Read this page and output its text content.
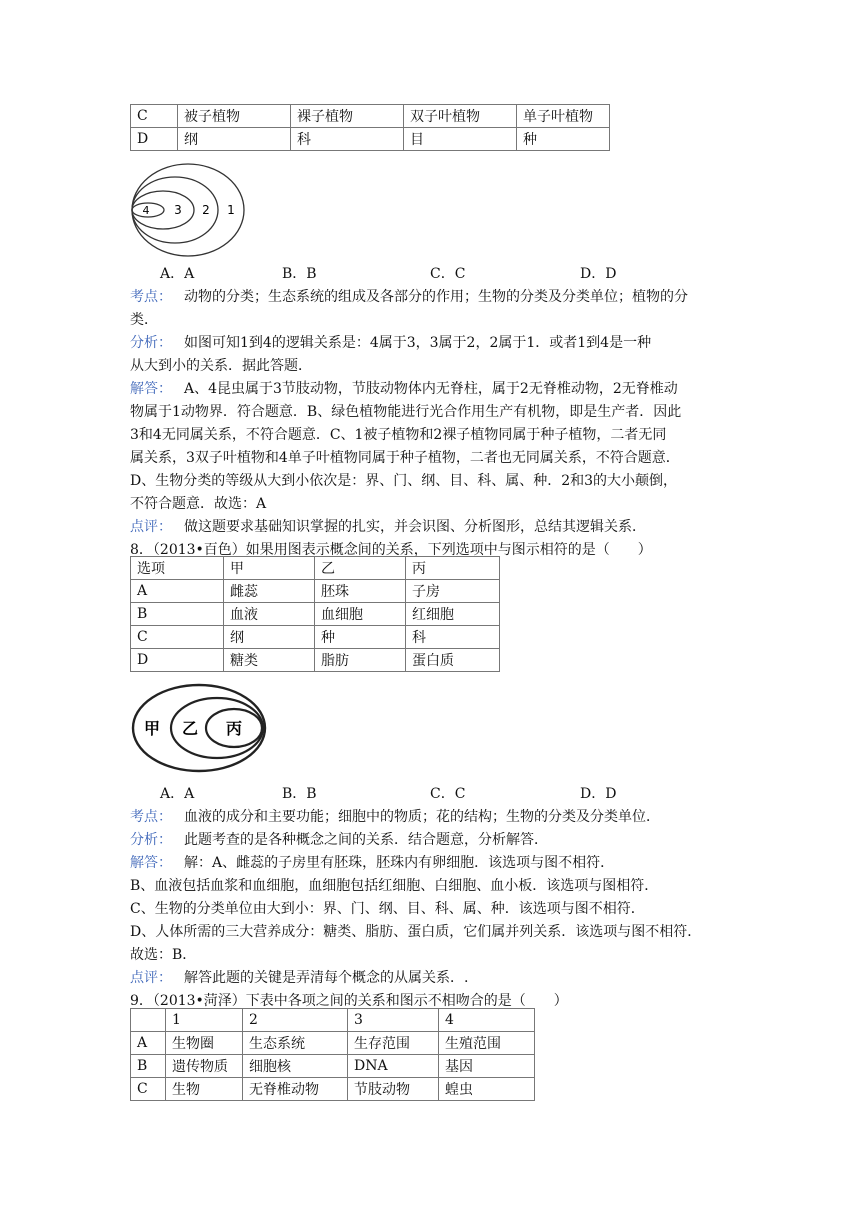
C	被子植物	裸子植物	双子叶植物	单子叶植物
D	纲	科	目	种
4 3 2 1
A．A	B．B	C．C	D．D
考点： 动物的分类；生态系统的组成及各部分的作用；生物的分类及分类单位；植物的分
类．
分析： 如图可知1到4的逻辑关系是：4属于3，3属于2，2属于1．或者1到4是一种
从大到小的关系．据此答题．
解答： A、4昆虫属于3节肢动物，节肢动物体内无脊柱，属于2无脊椎动物，2无脊椎动
物属于1动物界．符合题意．B、绿色植物能进行光合作用生产有机物，即是生产者．因此
3和4无同属关系，不符合题意．C、1被子植物和2裸子植物同属于种子植物，二者无同
属关系，3双子叶植物和4单子叶植物同属于种子植物，二者也无同属关系，不符合题意．
D、生物分类的等级从大到小依次是：界、门、纲、目、科、属、种．2和3的大小颠倒，
不符合题意．故选：A
点评： 做这题要求基础知识掌握的扎实，并会识图、分析图形，总结其逻辑关系．
8．（2013•百色）如果用图表示概念间的关系，下列选项中与图示相符的是（　　）
选项	甲	乙	丙
A	雌蕊	胚珠	子房
B	血液	血细胞	红细胞
C	纲	种	科
D	糖类	脂肪	蛋白质
甲 乙 丙
A．A	B．B	C．C	D．D
考点： 血液的成分和主要功能；细胞中的物质；花的结构；生物的分类及分类单位．
分析： 此题考查的是各种概念之间的关系．结合题意，分析解答．
解答： 解：A、雌蕊的子房里有胚珠，胚珠内有卵细胞．该选项与图不相符．
B、血液包括血浆和血细胞，血细胞包括红细胞、白细胞、血小板．该选项与图相符．
C、生物的分类单位由大到小：界、门、纲、目、科、属、种．该选项与图不相符．
D、人体所需的三大营养成分：糖类、脂肪、蛋白质，它们属并列关系．该选项与图不相符．
故选：B．
点评： 解答此题的关键是弄清每个概念的从属关系．.
9．（2013•菏泽）下表中各项之间的关系和图示不相吻合的是（　　）
	1	2	3	4
A	生物圈	生态系统	生存范围	生殖范围
B	遗传物质	细胞核	DNA	基因
C	生物	无脊椎动物	节肢动物	蝗虫
